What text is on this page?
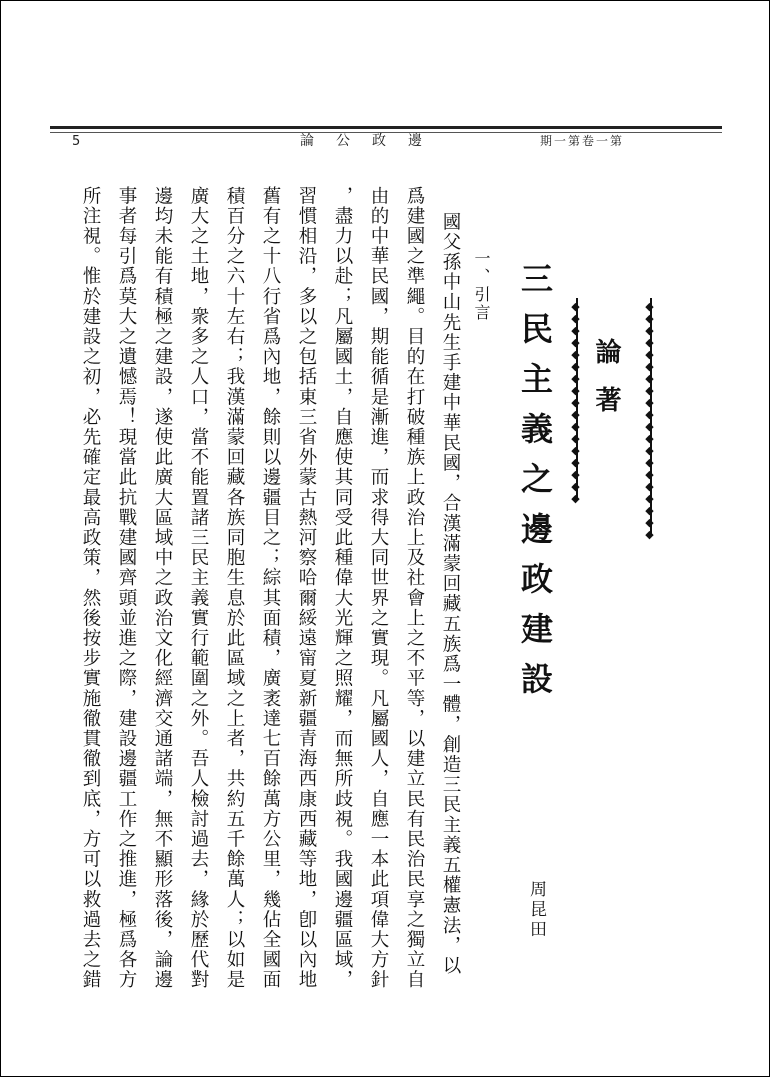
5	邊政公論	第一卷第一期
◆◆◆◆◆◆◆◆◆◆◆◆◆◆◆◆◆◆◆◆
◆◆◆◆◆◆◆◆◆◆◆◆◆◆◆◆◆ 論著
三民主義之邊政建設
周昆田
一、引言
國父孫中山先生手建中華民國，合漢滿蒙回藏五族爲一體，創造三民主義五權憲法，以
爲建國之準繩。目的在打破種族上政治上及社會上之不平等，以建立民有民治民享之獨立自
由的中華民國，期能循是漸進，而求得大同世界之實現。凡屬國人，自應一本此項偉大方針
，盡力以赴；凡屬國土，自應使其同受此種偉大光輝之照耀，而無所歧視。我國邊疆區域，
習慣相沿，多以之包括東三省外蒙古熱河察哈爾綏遠甯夏新疆青海西康西藏等地，卽以內地
舊有之十八行省爲內地，餘則以邊疆目之；綜其面積，廣袤達七百餘萬方公里，幾佔全國面
積百分之六十左右；我漢滿蒙回藏各族同胞生息於此區域之上者，共約五千餘萬人；以如是
廣大之土地，衆多之人口，當不能置諸三民主義實行範圍之外。吾人檢討過去，緣於歷代對
邊均未能有積極之建設，遂使此廣大區域中之政治文化經濟交通諸端，無不顯形落後，論邊
事者每引爲莫大之遺憾焉！現當此抗戰建國齊頭並進之際，建設邊疆工作之推進，極爲各方
所注視。惟於建設之初，必先確定最高政策，然後按步實施徹貫徹到底，方可以救過去之錯
